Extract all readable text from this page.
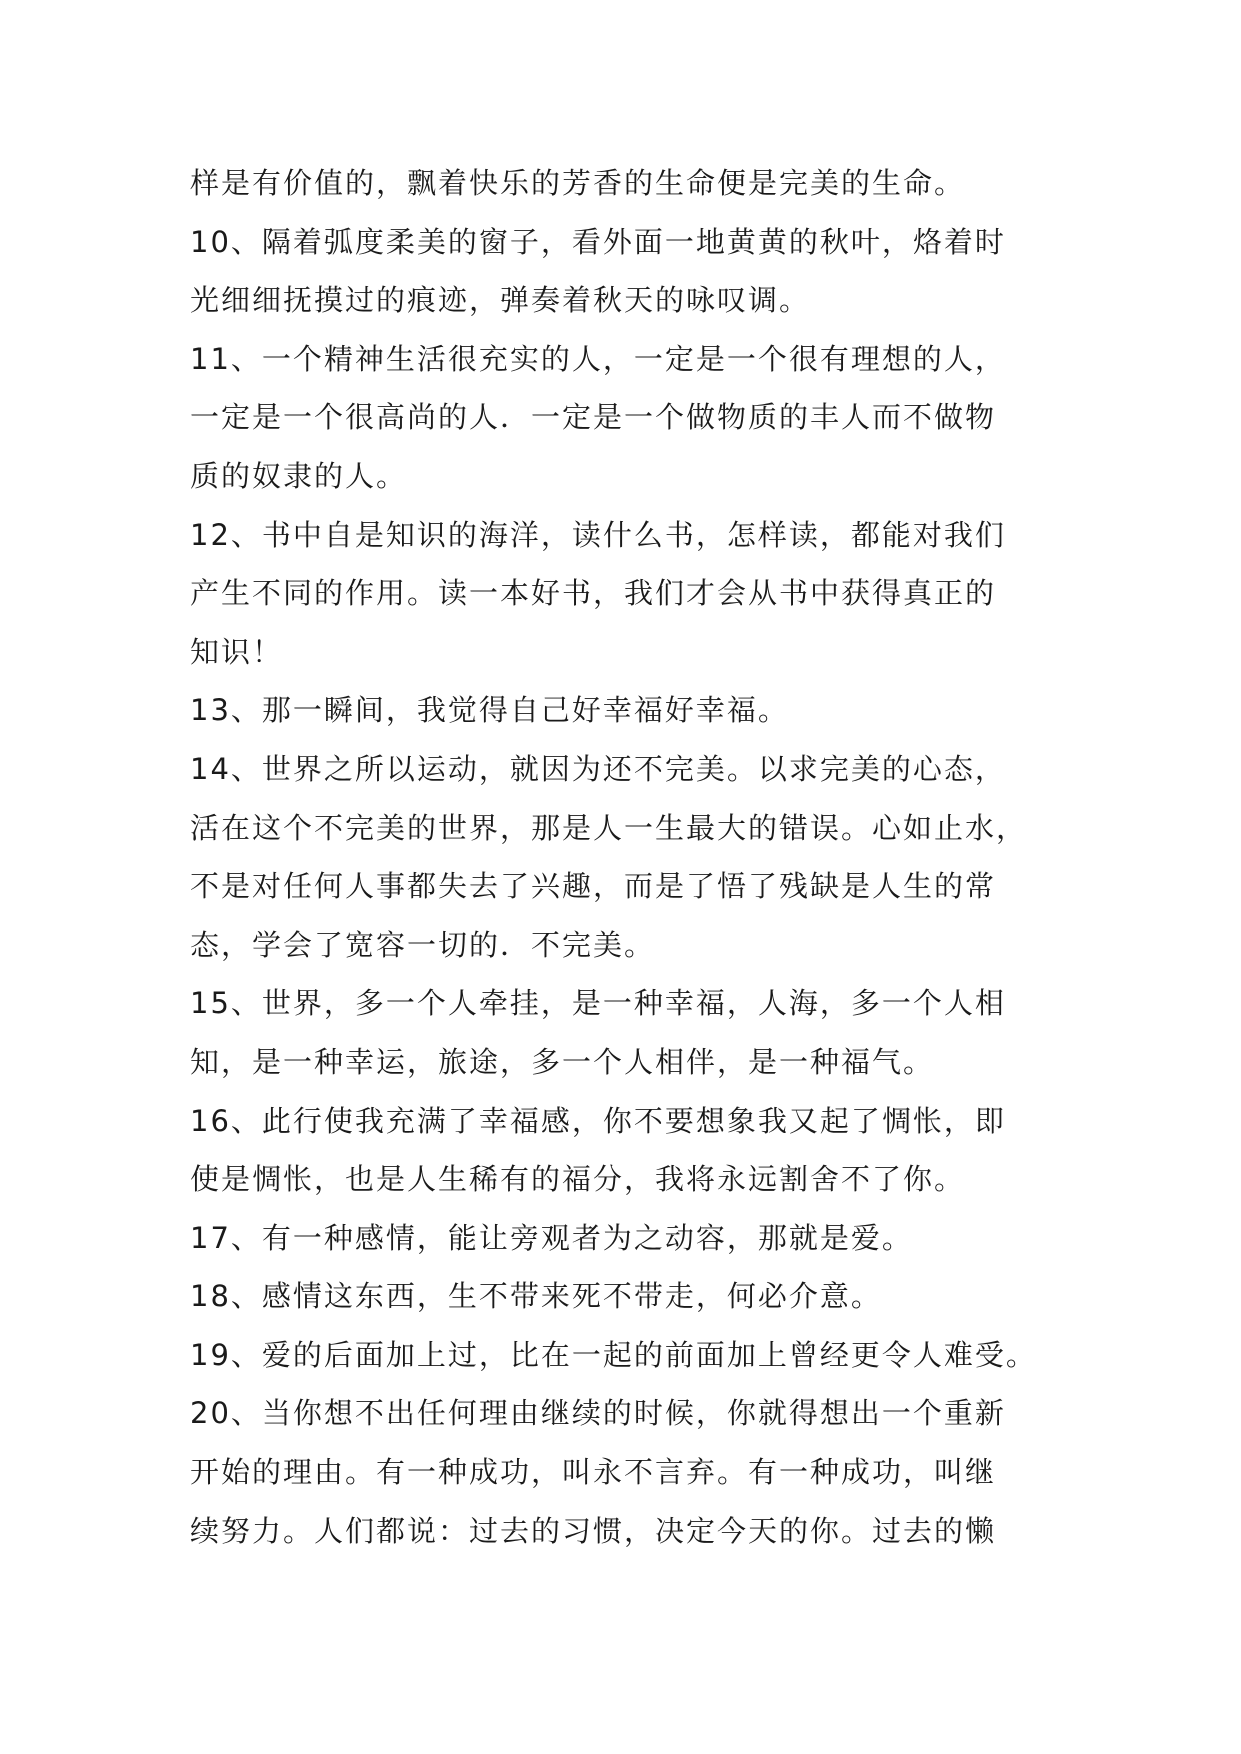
样是有价值的，飘着快乐的芳香的生命便是完美的生命。
10、隔着弧度柔美的窗子，看外面一地黄黄的秋叶，烙着时
光细细抚摸过的痕迹，弹奏着秋天的咏叹调。
11、一个精神生活很充实的人，一定是一个很有理想的人，
一定是一个很高尚的人．一定是一个做物质的丰人而不做物
质的奴隶的人。
12、书中自是知识的海洋，读什么书，怎样读，都能对我们
产生不同的作用。读一本好书，我们才会从书中获得真正的
知识！
13、那一瞬间，我觉得自己好幸福好幸福。
14、世界之所以运动，就因为还不完美。以求完美的心态，
活在这个不完美的世界，那是人一生最大的错误。心如止水，
不是对任何人事都失去了兴趣，而是了悟了残缺是人生的常
态，学会了宽容一切的．不完美。
15、世界，多一个人牵挂，是一种幸福，人海，多一个人相
知，是一种幸运，旅途，多一个人相伴，是一种福气。
16、此行使我充满了幸福感，你不要想象我又起了惆怅，即
使是惆怅，也是人生稀有的福分，我将永远割舍不了你。
17、有一种感情，能让旁观者为之动容，那就是爱。
18、感情这东西，生不带来死不带走，何必介意。
19、爱的后面加上过，比在一起的前面加上曾经更令人难受。
20、当你想不出任何理由继续的时候，你就得想出一个重新
开始的理由。有一种成功，叫永不言弃。有一种成功，叫继
续努力。人们都说：过去的习惯，决定今天的你。过去的懒
